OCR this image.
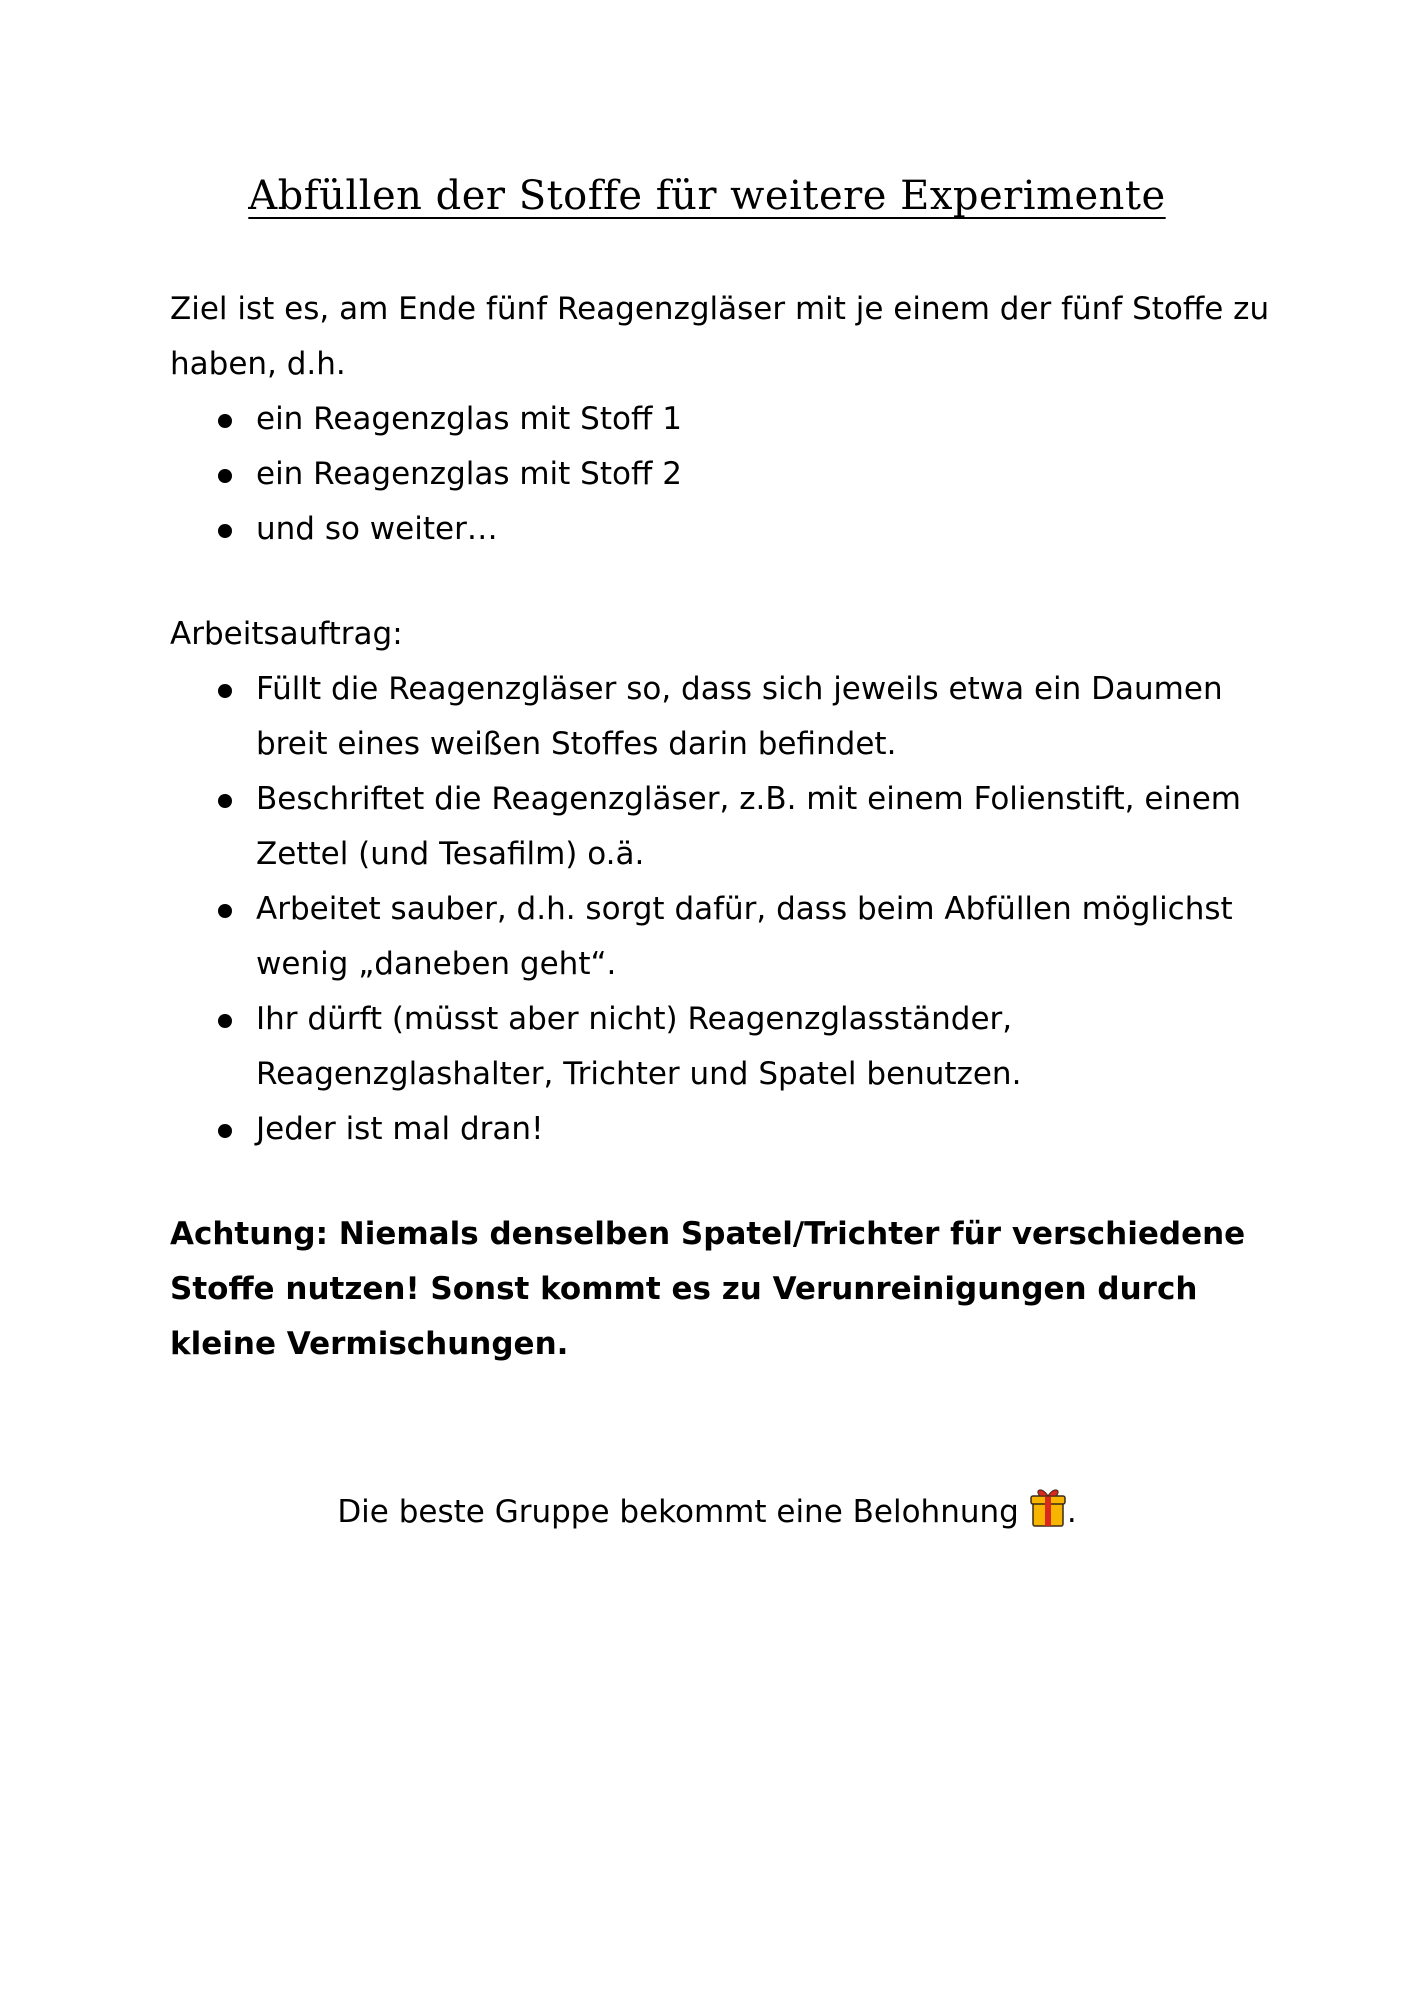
Abfüllen der Stoffe für weitere Experimente

Ziel ist es, am Ende fünf Reagenzgläser mit je einem der fünf Stoffe zu haben, d.h.

ein Reagenzglas mit Stoff 1
ein Reagenzglas mit Stoff 2
und so weiter…

Arbeitsauftrag:

Füllt die Reagenzgläser so, dass sich jeweils etwa ein Daumen breit eines weißen Stoffes darin befindet.
Beschriftet die Reagenzgläser, z.B. mit einem Folienstift, einem Zettel (und Tesafilm) o.ä.
Arbeitet sauber, d.h. sorgt dafür, dass beim Abfüllen möglichst wenig „daneben geht“.
Ihr dürft (müsst aber nicht) Reagenzglasständer, Reagenzglashalter, Trichter und Spatel benutzen.
Jeder ist mal dran!

Achtung: Niemals denselben Spatel/Trichter für verschiedene Stoffe nutzen! Sonst kommt es zu Verunreinigungen durch kleine Vermischungen.

Die beste Gruppe bekommt eine Belohnung .
